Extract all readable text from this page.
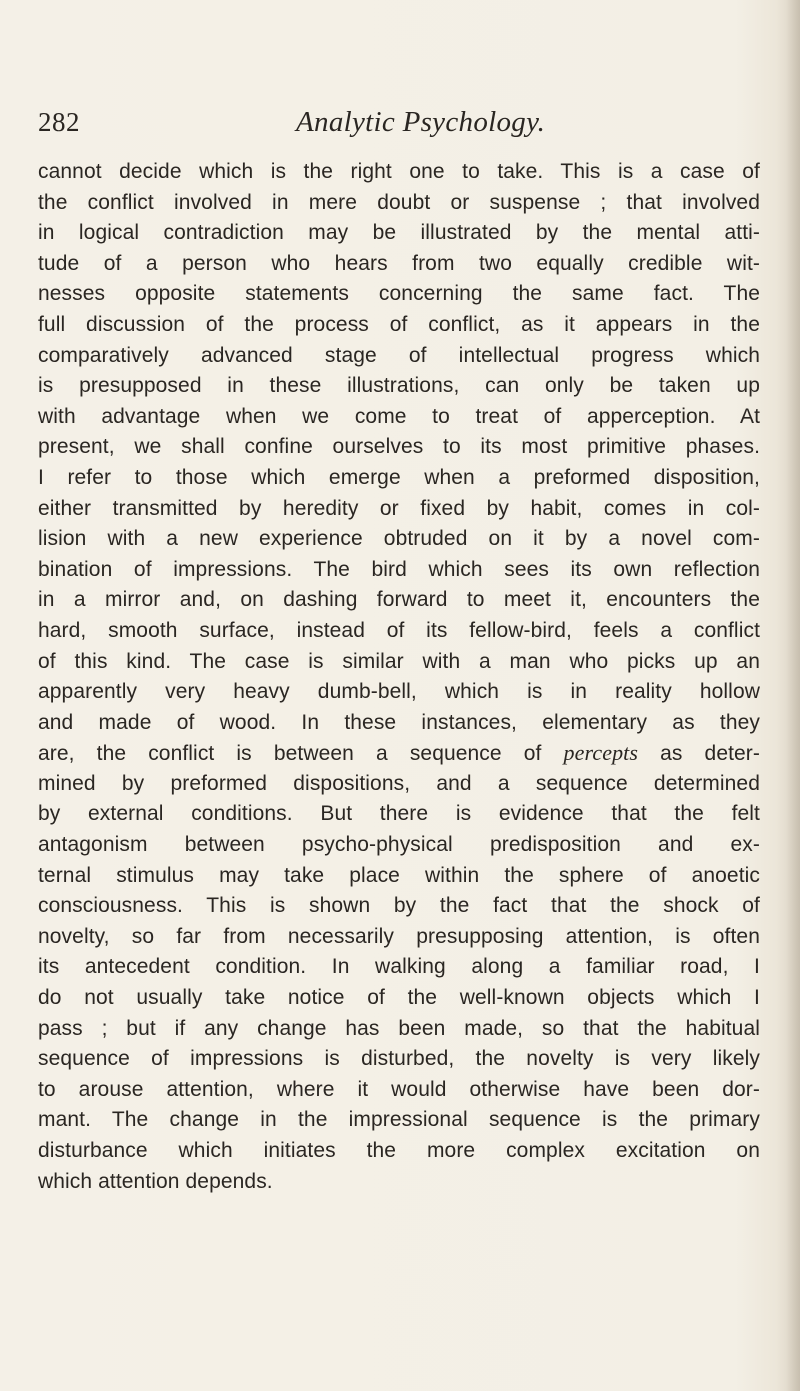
282	Analytic Psychology.
cannot decide which is the right one to take. This is a case of
the conflict involved in mere doubt or suspense ; that involved
in logical contradiction may be illustrated by the mental atti-
tude of a person who hears from two equally credible wit-
nesses opposite statements concerning the same fact. The
full discussion of the process of conflict, as it appears in the
comparatively advanced stage of intellectual progress which
is presupposed in these illustrations, can only be taken up
with advantage when we come to treat of apperception. At
present, we shall confine ourselves to its most primitive phases.
I refer to those which emerge when a preformed disposition,
either transmitted by heredity or fixed by habit, comes in col-
lision with a new experience obtruded on it by a novel com-
bination of impressions. The bird which sees its own reflection
in a mirror and, on dashing forward to meet it, encounters the
hard, smooth surface, instead of its fellow-bird, feels a conflict
of this kind. The case is similar with a man who picks up an
apparently very heavy dumb-bell, which is in reality hollow
and made of wood. In these instances, elementary as they
are, the conflict is between a sequence of percepts as deter-
mined by preformed dispositions, and a sequence determined
by external conditions. But there is evidence that the felt
antagonism between psycho-physical predisposition and ex-
ternal stimulus may take place within the sphere of anoetic
consciousness. This is shown by the fact that the shock of
novelty, so far from necessarily presupposing attention, is often
its antecedent condition. In walking along a familiar road, I
do not usually take notice of the well-known objects which I
pass ; but if any change has been made, so that the habitual
sequence of impressions is disturbed, the novelty is very likely
to arouse attention, where it would otherwise have been dor-
mant. The change in the impressional sequence is the primary
disturbance which initiates the more complex excitation on
which attention depends.
